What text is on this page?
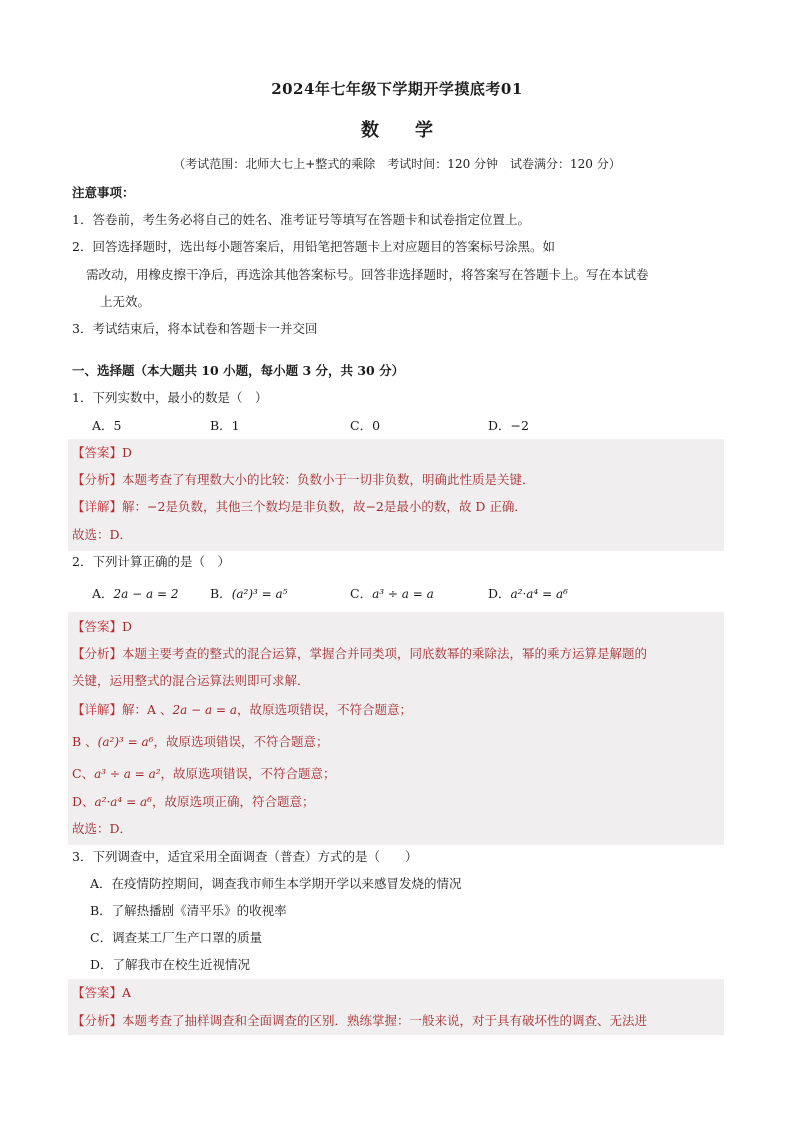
2024年七年级下学期开学摸底考01
数 学
（考试范围：北师大七上+整式的乘除　考试时间：120 分钟　试卷满分：120 分）
注意事项：
1．答卷前，考生务必将自己的姓名、准考证号等填写在答题卡和试卷指定位置上。
2．回答选择题时，选出每小题答案后，用铅笔把答题卡上对应题目的答案标号涂黑。如
需改动，用橡皮擦干净后，再选涂其他答案标号。回答非选择题时，将答案写在答题卡上。写在本试卷
上无效。
3．考试结束后，将本试卷和答题卡一并交回
一、选择题（本大题共 10 小题，每小题 3 分，共 30 分）
1．下列实数中，最小的数是（　）
A．5	B．1	C．0	D．−2
【答案】D
【分析】本题考查了有理数大小的比较：负数小于一切非负数，明确此性质是关键．
【详解】解：−2是负数，其他三个数均是非负数，故−2是最小的数，故 D 正确．
故选：D．
2．下列计算正确的是（　）
A．2a − a = 2	B．(a²)³ = a⁵	C．a³ ÷ a = a	D．a²·a⁴ = a⁶
【答案】D
【分析】本题主要考查的整式的混合运算，掌握合并同类项，同底数幂的乘除法，幂的乘方运算是解题的
关键，运用整式的混合运算法则即可求解．
【详解】解：A 、2a − a = a，故原选项错误，不符合题意；
B 、(a²)³ = a⁶，故原选项错误，不符合题意；
C、a³ ÷ a = a²，故原选项错误，不符合题意；
D、a²·a⁴ = a⁶，故原选项正确，符合题意；
故选：D．
3．下列调查中，适宜采用全面调查（普查）方式的是（　　）
A．在疫情防控期间，调查我市师生本学期开学以来感冒发烧的情况
B．了解热播剧《清平乐》的收视率
C．调查某工厂生产口罩的质量
D．了解我市在校生近视情况
【答案】A
【分析】本题考查了抽样调查和全面调查的区别．熟练掌握：一般来说，对于具有破坏性的调查、无法进
